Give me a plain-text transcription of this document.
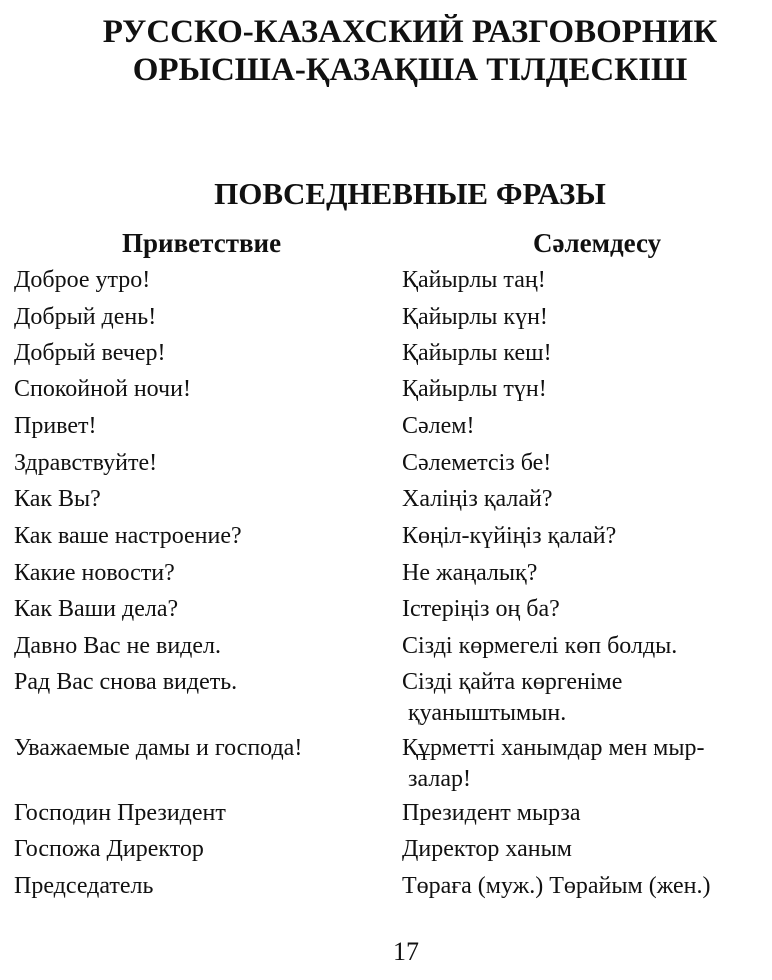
РУССКО-КАЗАХСКИЙ РАЗГОВОРНИК
ОРЫСША-ҚАЗАҚША ТІЛДЕСКІШ
ПОВСЕДНЕВНЫЕ ФРАЗЫ
Приветствие	Сәлемдесу
Доброе утро!	Қайырлы таң!
Добрый день!	Қайырлы күн!
Добрый вечер!	Қайырлы кеш!
Спокойной ночи!	Қайырлы түн!
Привет!	Сәлем!
Здравствуйте!	Сәлеметсіз бе!
Как Вы?	Халіңіз қалай?
Как ваше настроение?	Көңіл-күйіңіз қалай?
Какие новости?	Не жаңалық?
Как Ваши дела?	Істеріңіз оң ба?
Давно Вас не видел.	Сізді көрмегелі көп болды.
Рад Вас снова видеть.	Сізді қайта көргеніме
қуаныштымын.
Уважаемые дамы и господа!	Құрметті ханымдар мен мыр-
залар!
Господин Президент	Президент мырза
Госпожа Директор	Директор ханым
Председатель	Төраға (муж.) Төрайым (жен.)
17
